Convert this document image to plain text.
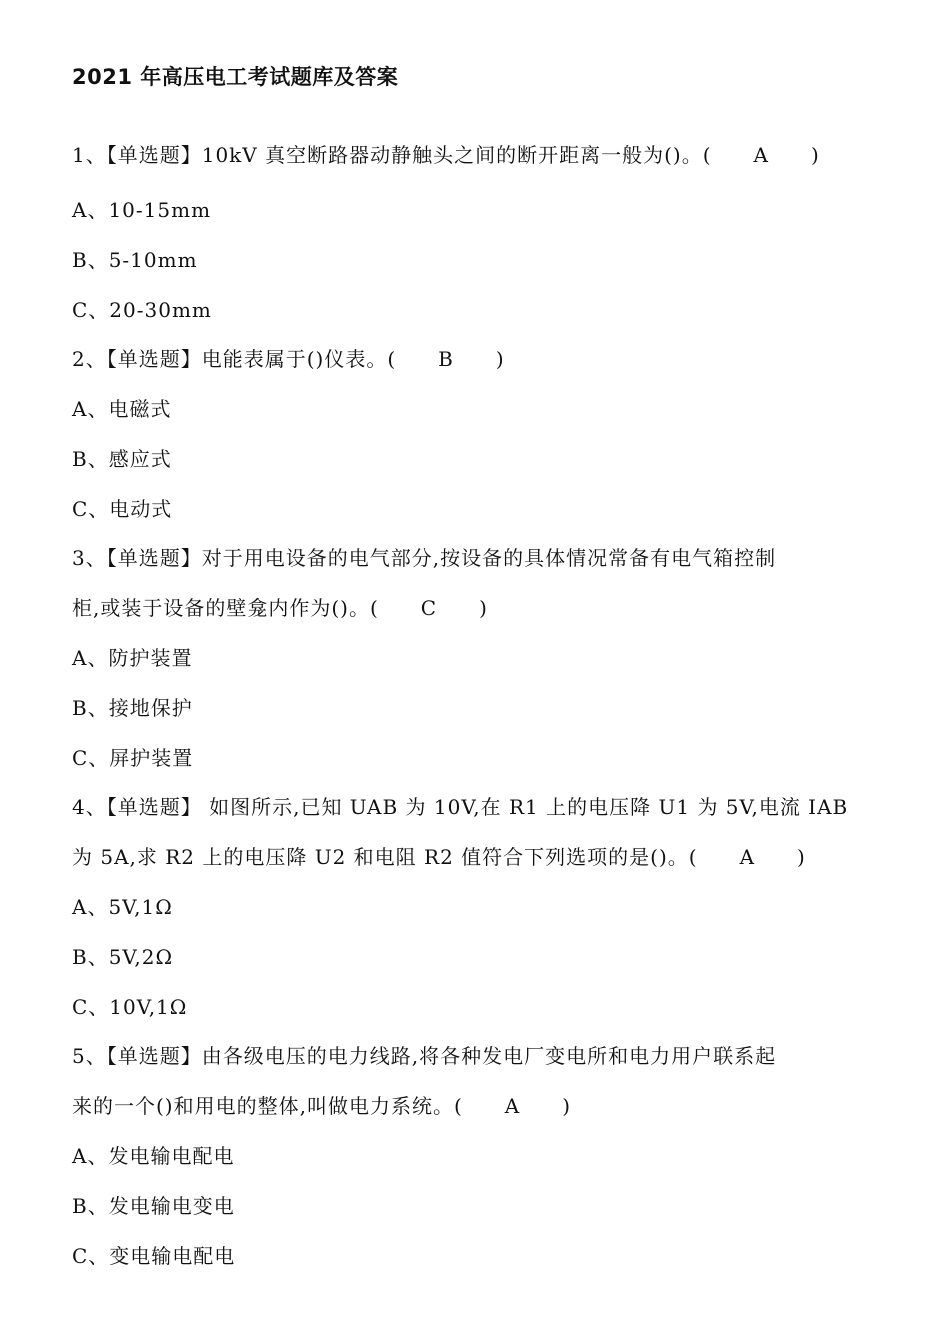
2021 年高压电工考试题库及答案
1、【单选题】10kV 真空断路器动静触头之间的断开距离一般为()。( A )
A、10-15mm
B、5-10mm
C、20-30mm
2、【单选题】电能表属于()仪表。( B )
A、电磁式
B、感应式
C、电动式
3、【单选题】对于用电设备的电气部分,按设备的具体情况常备有电气箱控制
柜,或装于设备的壁龛内作为()。( C )
A、防护装置
B、接地保护
C、屏护装置
4、【单选题】 如图所示,已知 UAB 为 10V,在 R1 上的电压降 U1 为 5V,电流 IAB
为 5A,求 R2 上的电压降 U2 和电阻 R2 值符合下列选项的是()。( A )
A、5V,1Ω
B、5V,2Ω
C、10V,1Ω
5、【单选题】由各级电压的电力线路,将各种发电厂变电所和电力用户联系起
来的一个()和用电的整体,叫做电力系统。( A )
A、发电输电配电
B、发电输电变电
C、变电输电配电
